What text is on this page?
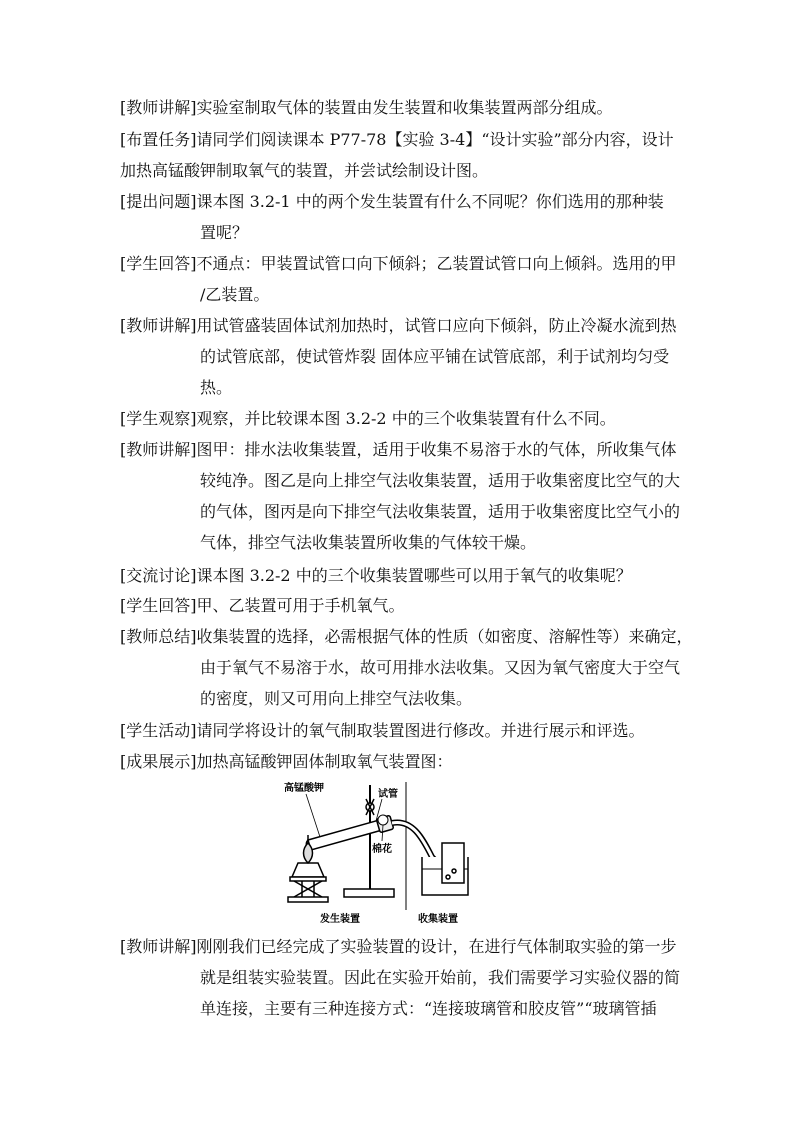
[教师讲解]实验室制取气体的装置由发生装置和收集装置两部分组成。
[布置任务]请同学们阅读课本 P77-78【实验 3-4】“设计实验”部分内容，设计
加热高锰酸钾制取氧气的装置，并尝试绘制设计图。
[提出问题]课本图 3.2-1 中的两个发生装置有什么不同呢？你们选用的那种装
置呢？
[学生回答]不通点：甲装置试管口向下倾斜；乙装置试管口向上倾斜。选用的甲
/乙装置。
[教师讲解]用试管盛装固体试剂加热时，试管口应向下倾斜，防止冷凝水流到热
的试管底部，使试管炸裂 固体应平铺在试管底部，利于试剂均匀受
热。
[学生观察]观察，并比较课本图 3.2-2 中的三个收集装置有什么不同。
[教师讲解]图甲：排水法收集装置，适用于收集不易溶于水的气体，所收集气体
较纯净。图乙是向上排空气法收集装置，适用于收集密度比空气的大
的气体，图丙是向下排空气法收集装置，适用于收集密度比空气小的
气体，排空气法收集装置所收集的气体较干燥。
[交流讨论]课本图 3.2-2 中的三个收集装置哪些可以用于氧气的收集呢？
[学生回答]甲、乙装置可用于手机氧气。
[教师总结]收集装置的选择，必需根据气体的性质（如密度、溶解性等）来确定，
由于氧气不易溶于水，故可用排水法收集。又因为氧气密度大于空气
的密度，则又可用向上排空气法收集。
[学生活动]请同学将设计的氧气制取装置图进行修改。并进行展示和评选。
[成果展示]加热高锰酸钾固体制取氧气装置图：
高锰酸钾
试管
棉花
发生装置	收集装置
[教师讲解]刚刚我们已经完成了实验装置的设计，在进行气体制取实验的第一步
就是组装实验装置。因此在实验开始前，我们需要学习实验仪器的简
单连接，主要有三种连接方式：“连接玻璃管和胶皮管”“玻璃管插
